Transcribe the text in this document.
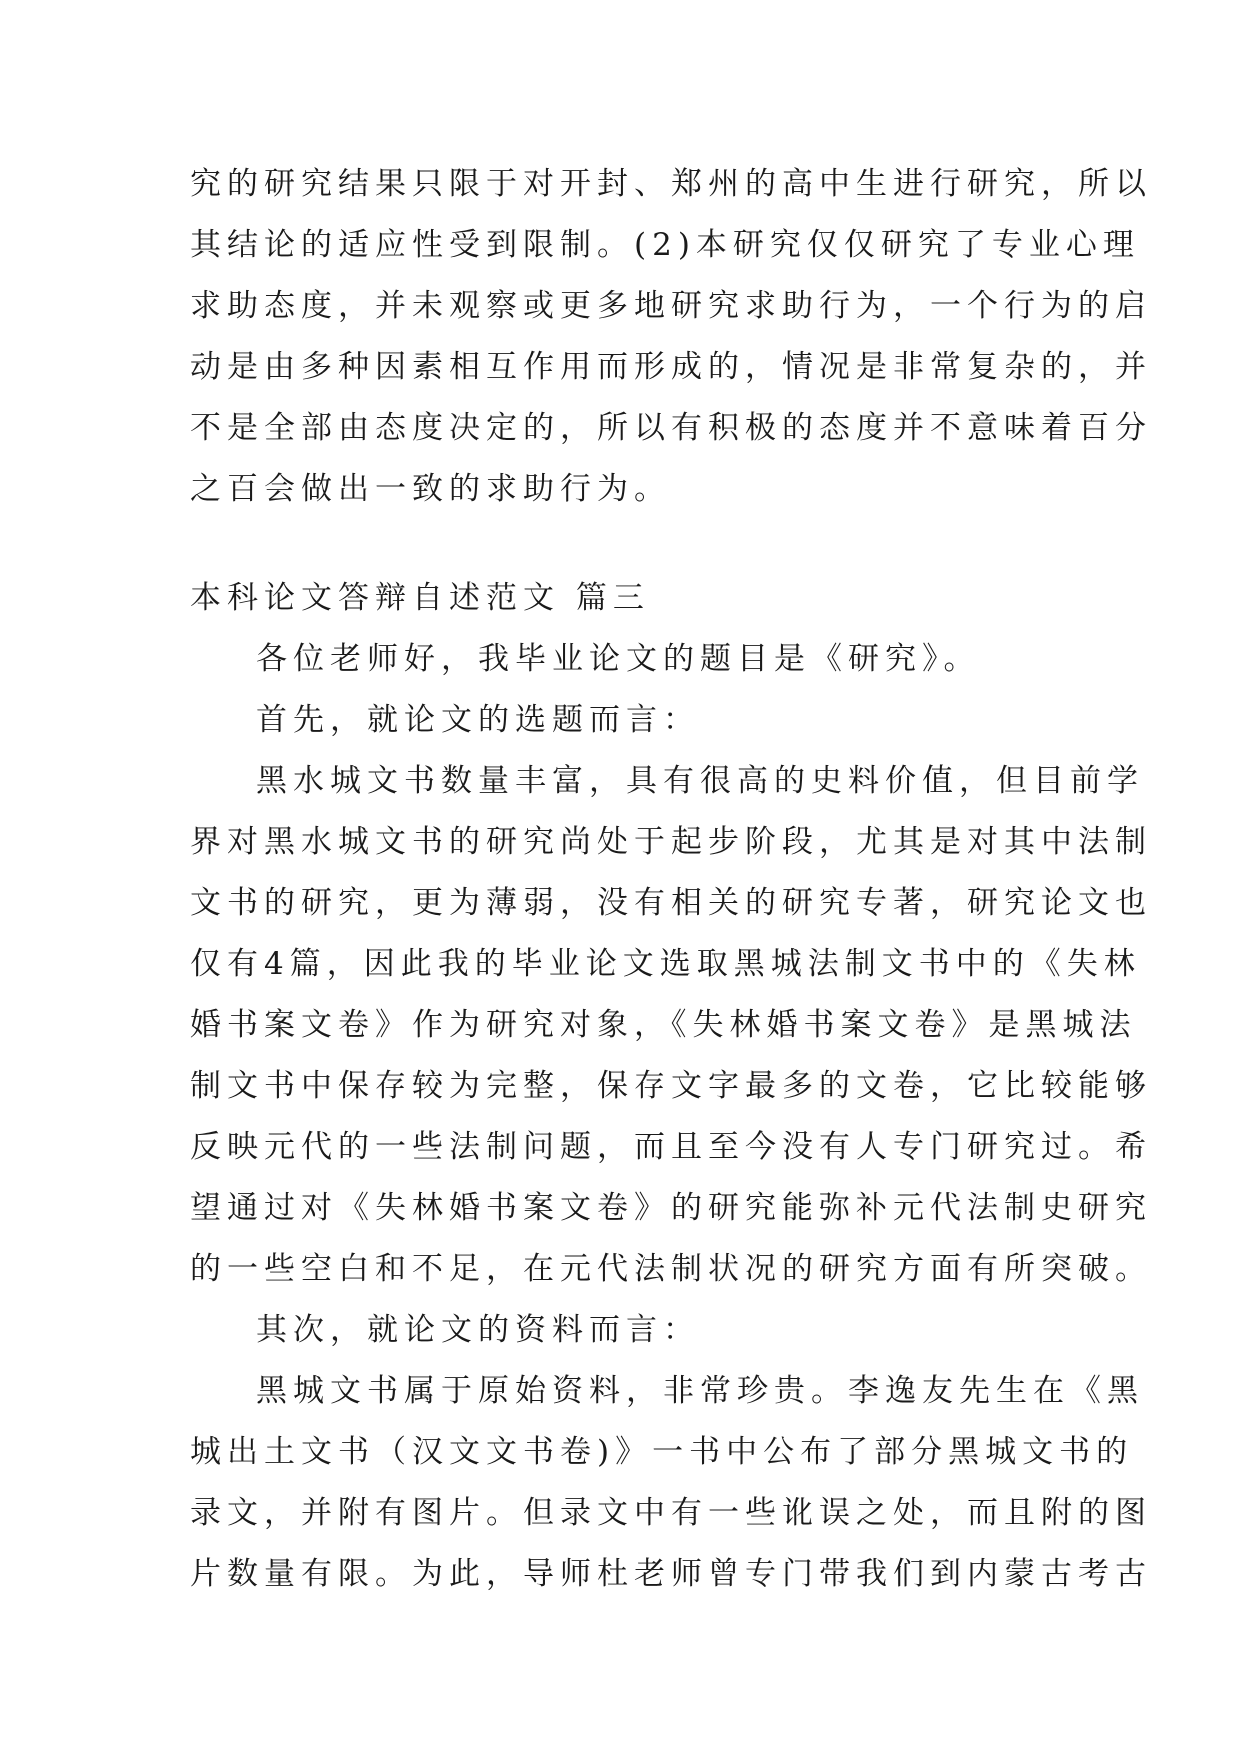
究的研究结果只限于对开封、郑州的高中生进行研究，所以
其结论的适应性受到限制。(2)本研究仅仅研究了专业心理
求助态度，并未观察或更多地研究求助行为，一个行为的启
动是由多种因素相互作用而形成的，情况是非常复杂的，并
不是全部由态度决定的，所以有积极的态度并不意味着百分
之百会做出一致的求助行为。
本科论文答辩自述范文 篇三
各位老师好，我毕业论文的题目是《研究》。
首先，就论文的选题而言：
黑水城文书数量丰富，具有很高的史料价值，但目前学
界对黑水城文书的研究尚处于起步阶段，尤其是对其中法制
文书的研究，更为薄弱，没有相关的研究专著，研究论文也
仅有4篇，因此我的毕业论文选取黑城法制文书中的《失林
婚书案文卷》作为研究对象，《失林婚书案文卷》是黑城法
制文书中保存较为完整，保存文字最多的文卷，它比较能够
反映元代的一些法制问题，而且至今没有人专门研究过。希
望通过对《失林婚书案文卷》的研究能弥补元代法制史研究
的一些空白和不足，在元代法制状况的研究方面有所突破。
其次，就论文的资料而言：
黑城文书属于原始资料，非常珍贵。李逸友先生在《黑
城出土文书（汉文文书卷)》一书中公布了部分黑城文书的
录文，并附有图片。但录文中有一些讹误之处，而且附的图
片数量有限。为此，导师杜老师曾专门带我们到内蒙古考古
